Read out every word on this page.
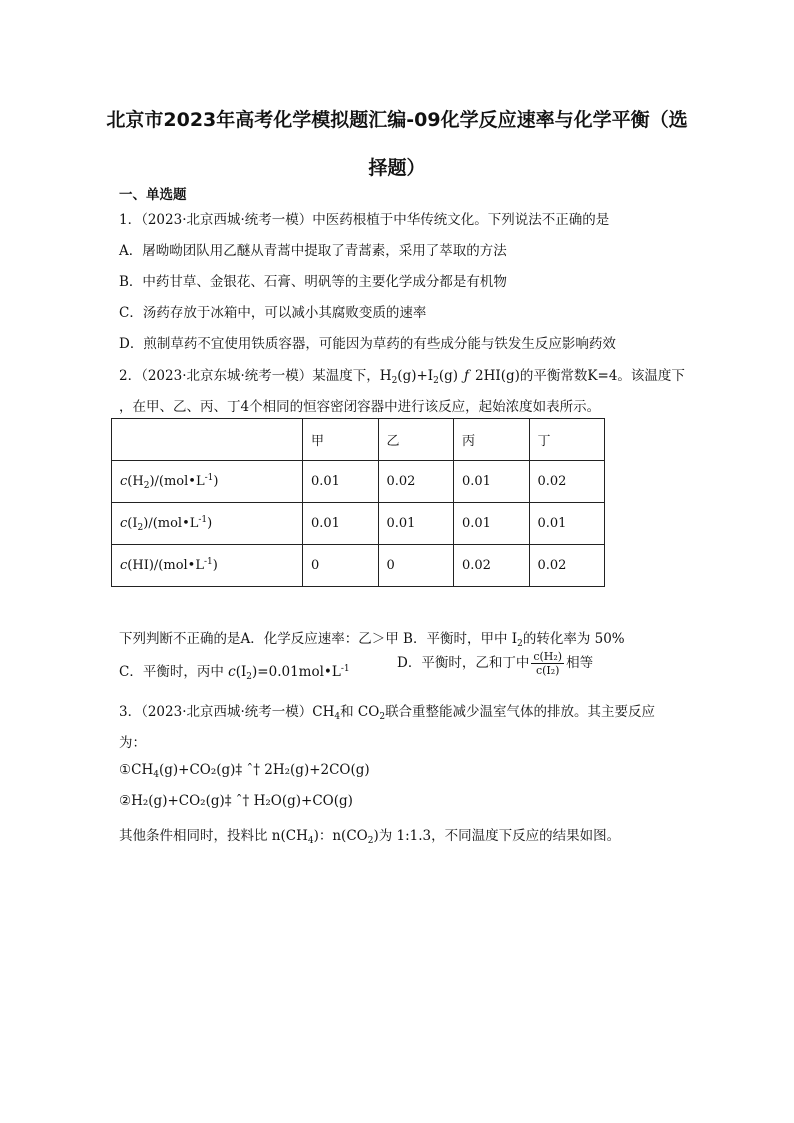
北京市2023年高考化学模拟题汇编-09化学反应速率与化学平衡（选择题）
一、单选题
1．（2023·北京西城·统考一模）中医药根植于中华传统文化。下列说法不正确的是
A．屠呦呦团队用乙醚从青蒿中提取了青蒿素，采用了萃取的方法
B．中药甘草、金银花、石膏、明矾等的主要化学成分都是有机物
C．汤药存放于冰箱中，可以减小其腐败变质的速率
D．煎制草药不宜使用铁质容器，可能因为草药的有些成分能与铁发生反应影响药效
2．（2023·北京东城·统考一模）某温度下，$H_2(g)+I_2(g)$ ƒ 2HI(g)的平衡常数K=4。该温度下
，在甲、乙、丙、丁4个相同的恒容密闭容器中进行该反应，起始浓度如表所示。
	甲	乙	丙	丁
$c(H_2)/(mol•L^{-1})$	0.01	0.02	0.01	0.02
$c(I_2)/(mol•L^{-1})$	0.01	0.01	0.01	0.01
$c(HI)/(mol•L^{-1})$	0	0	0.02	0.02
下列判断不正确的是A．化学反应速率：乙＞甲 B．平衡时，甲中 $I_2$的转化率为 50%
C．平衡时，丙中 $c(I_2)=0.01mol•L^{-1}$	D．平衡时，乙和丁中 $\frac{\text{c(H₂)}}{\text{c(I₂)}}$ 相等
3．（2023·北京西城·统考一模）$CH_4$和 $CO_2$联合重整能减少温室气体的排放。其主要反应
为：
$①CH_4(g)+CO_2(g)\ddagger$ ˆ† 2H₂(g)+2CO(g)
②H₂(g)+CO₂(g)‡ ˆ† H₂O(g)+CO(g)
其他条件相同时，投料比 $n(CH_4)$：$n(CO_2)$为 1:1.3，不同温度下反应的结果如图。
